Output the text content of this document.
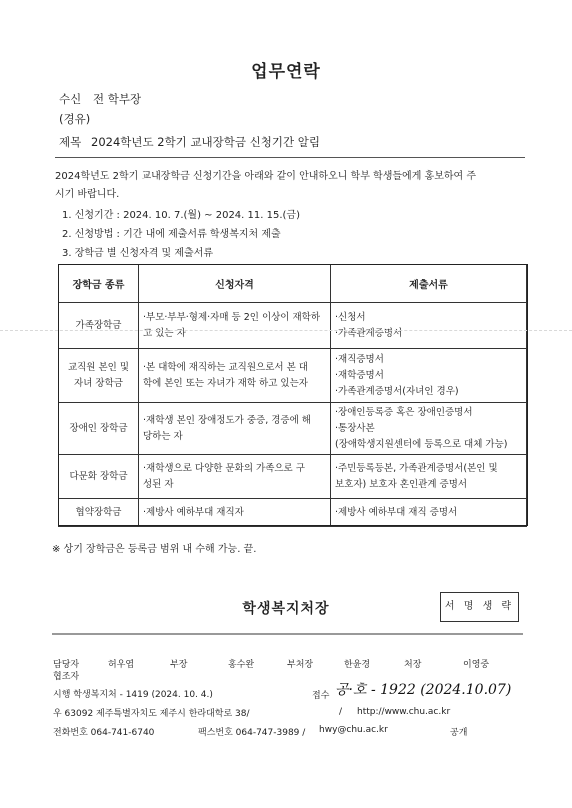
업무연락
수신 전 학부장
(경유)
제목 2024학년도 2학기 교내장학금 신청기간 알림
2024학년도 2학기 교내장학금 신청기간을 아래와 같이 안내하오니 학부 학생들에게 홍보하여 주
시기 바랍니다.
1. 신청기간 : 2024. 10. 7.(월) ~ 2024. 11. 15.(금)
2. 신청방법 : 기간 내에 제출서류 학생복지처 제출
3. 장학금 별 신청자격 및 제출서류
장학금 종류	신청자격	제출서류

가족장학금	·부모·부부·형제·자매 등 2인 이상이 재학하
고 있는 자	·신청서
·가족관계증명서

교직원 본인 및
자녀 장학금	·본 대학에 재직하는 교직원으로서 본 대
학에 본인 또는 자녀가 재학 하고 있는자	·재직증명서
·재학증명서
·가족관계증명서(자녀인 경우)

장애인 장학금	·재학생 본인 장애정도가 중증, 경증에 해
당하는 자	·장애인등록증 혹은 장애인증명서
·통장사본
(장애학생지원센터에 등록으로 대체 가능)

다문화 장학금	·재학생으로 다양한 문화의 가족으로 구
성된 자	·주민등록등본, 가족관계증명서(본인 및
보호자) 보호자 혼인관계 증명서

협약장학금	·제방사 예하부대 재직자	·제방사 예하부대 재직 증명서
※ 상기 장학금은 등록금 범위 내 수해 가능. 끝.
학생복지처장	서 명 생 략
담당자	허우엽	부장	홍수완	부처장	한윤경	처장	이영중
협조자
시행 학생복지처 - 1419 (2024. 10. 4.)	접수 공·호 - 1922 (2024.10.07)
우 63092 제주특별자치도 제주시 한라대학로 38/	/ http://www.chu.ac.kr
전화번호 064-741-6740	팩스번호 064-747-3989 / hwy@chu.ac.kr	공개
